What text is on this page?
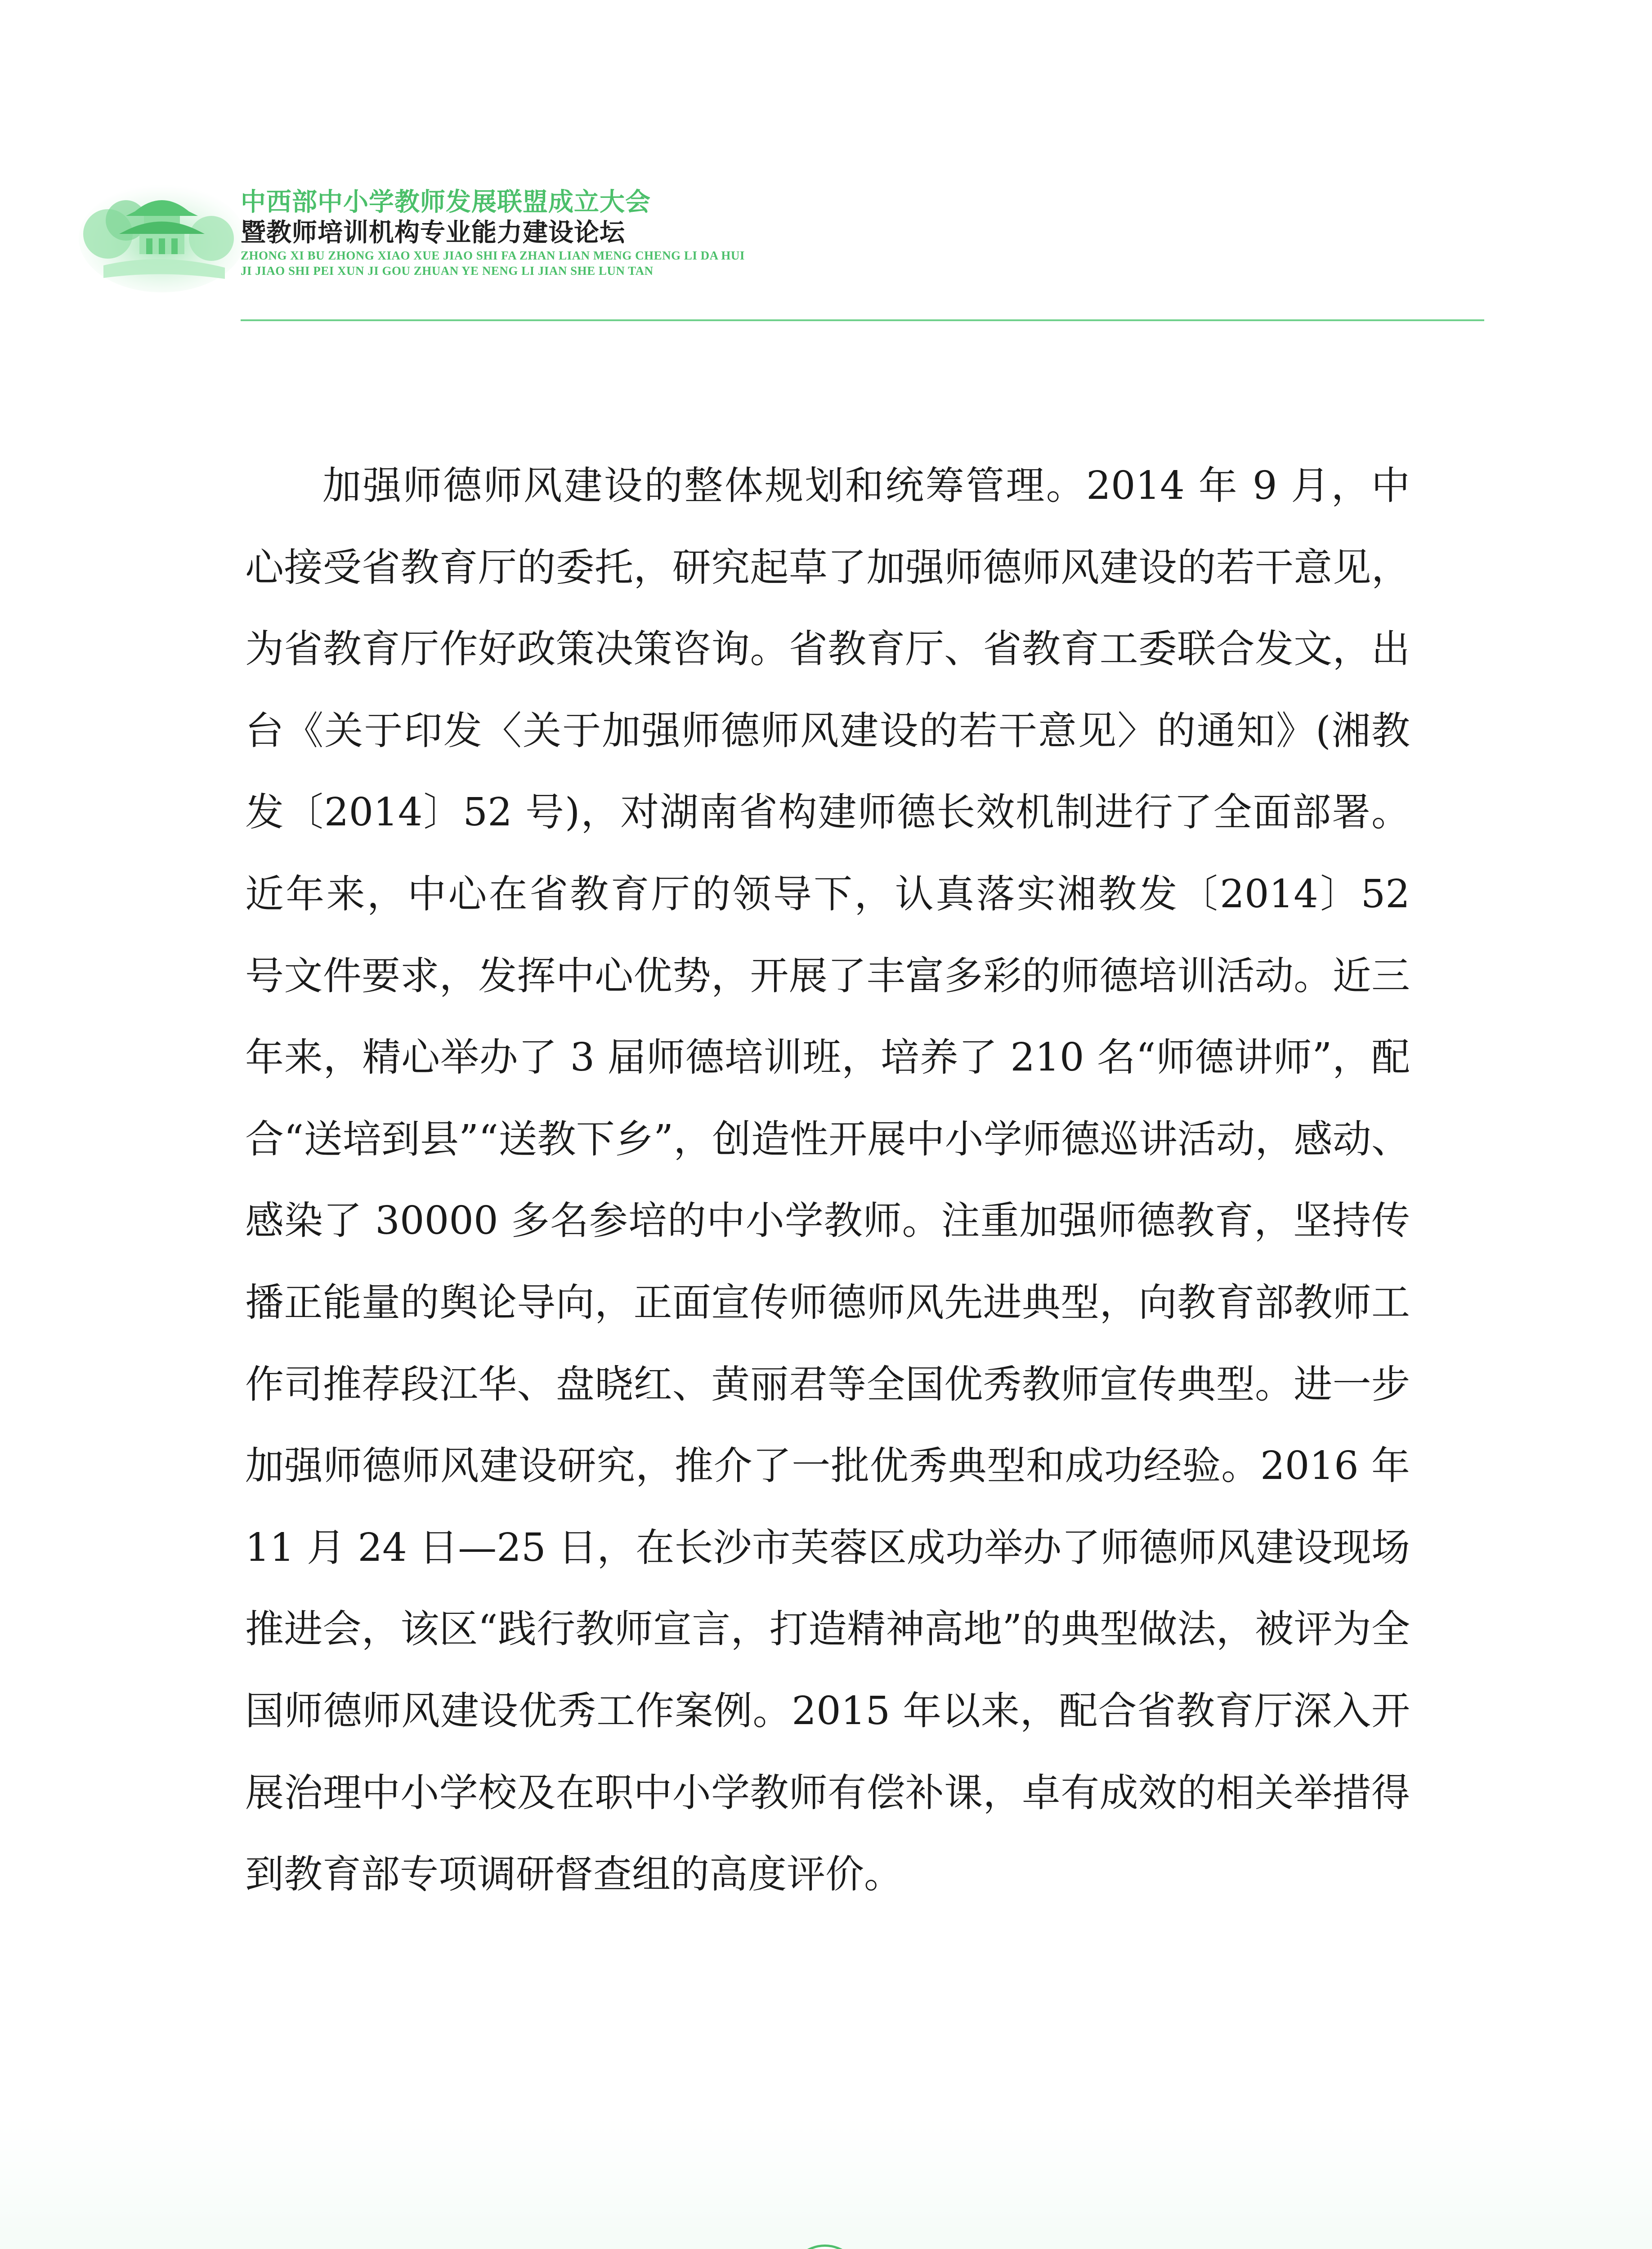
中西部中小学教师发展联盟成立大会
暨教师培训机构专业能力建设论坛
ZHONG XI BU ZHONG XIAO XUE JIAO SHI FA ZHAN LIAN MENG CHENG LI DA HUI
JI JIAO SHI PEI XUN JI GOU ZHUAN YE NENG LI JIAN SHE LUN TAN
加强师德师风建设的整体规划和统筹管理。2014 年 9 月，中心接受省教育厅的委托，研究起草了加强师德师风建设的若干意见，为省教育厅作好政策决策咨询。省教育厅、省教育工委联合发文，出台《关于印发〈关于加强师德师风建设的若干意见〉的通知》(湘教发〔2014〕52 号)，对湖南省构建师德长效机制进行了全面部署。近年来，中心在省教育厅的领导下，认真落实湘教发〔2014〕52 号文件要求，发挥中心优势，开展了丰富多彩的师德培训活动。近三年来，精心举办了 3 届师德培训班，培养了 210 名“师德讲师”，配合“送培到县”“送教下乡”，创造性开展中小学师德巡讲活动，感动、感染了 30000 多名参培的中小学教师。注重加强师德教育，坚持传播正能量的舆论导向，正面宣传师德师风先进典型，向教育部教师工作司推荐段江华、盘晓红、黄丽君等全国优秀教师宣传典型。进一步加强师德师风建设研究，推介了一批优秀典型和成功经验。2016 年 11 月 24 日—25 日，在长沙市芙蓉区成功举办了师德师风建设现场推进会，该区“践行教师宣言，打造精神高地”的典型做法，被评为全国师德师风建设优秀工作案例。2015 年以来，配合省教育厅深入开展治理中小学校及在职中小学教师有偿补课，卓有成效的相关举措得到教育部专项调研督查组的高度评价。
